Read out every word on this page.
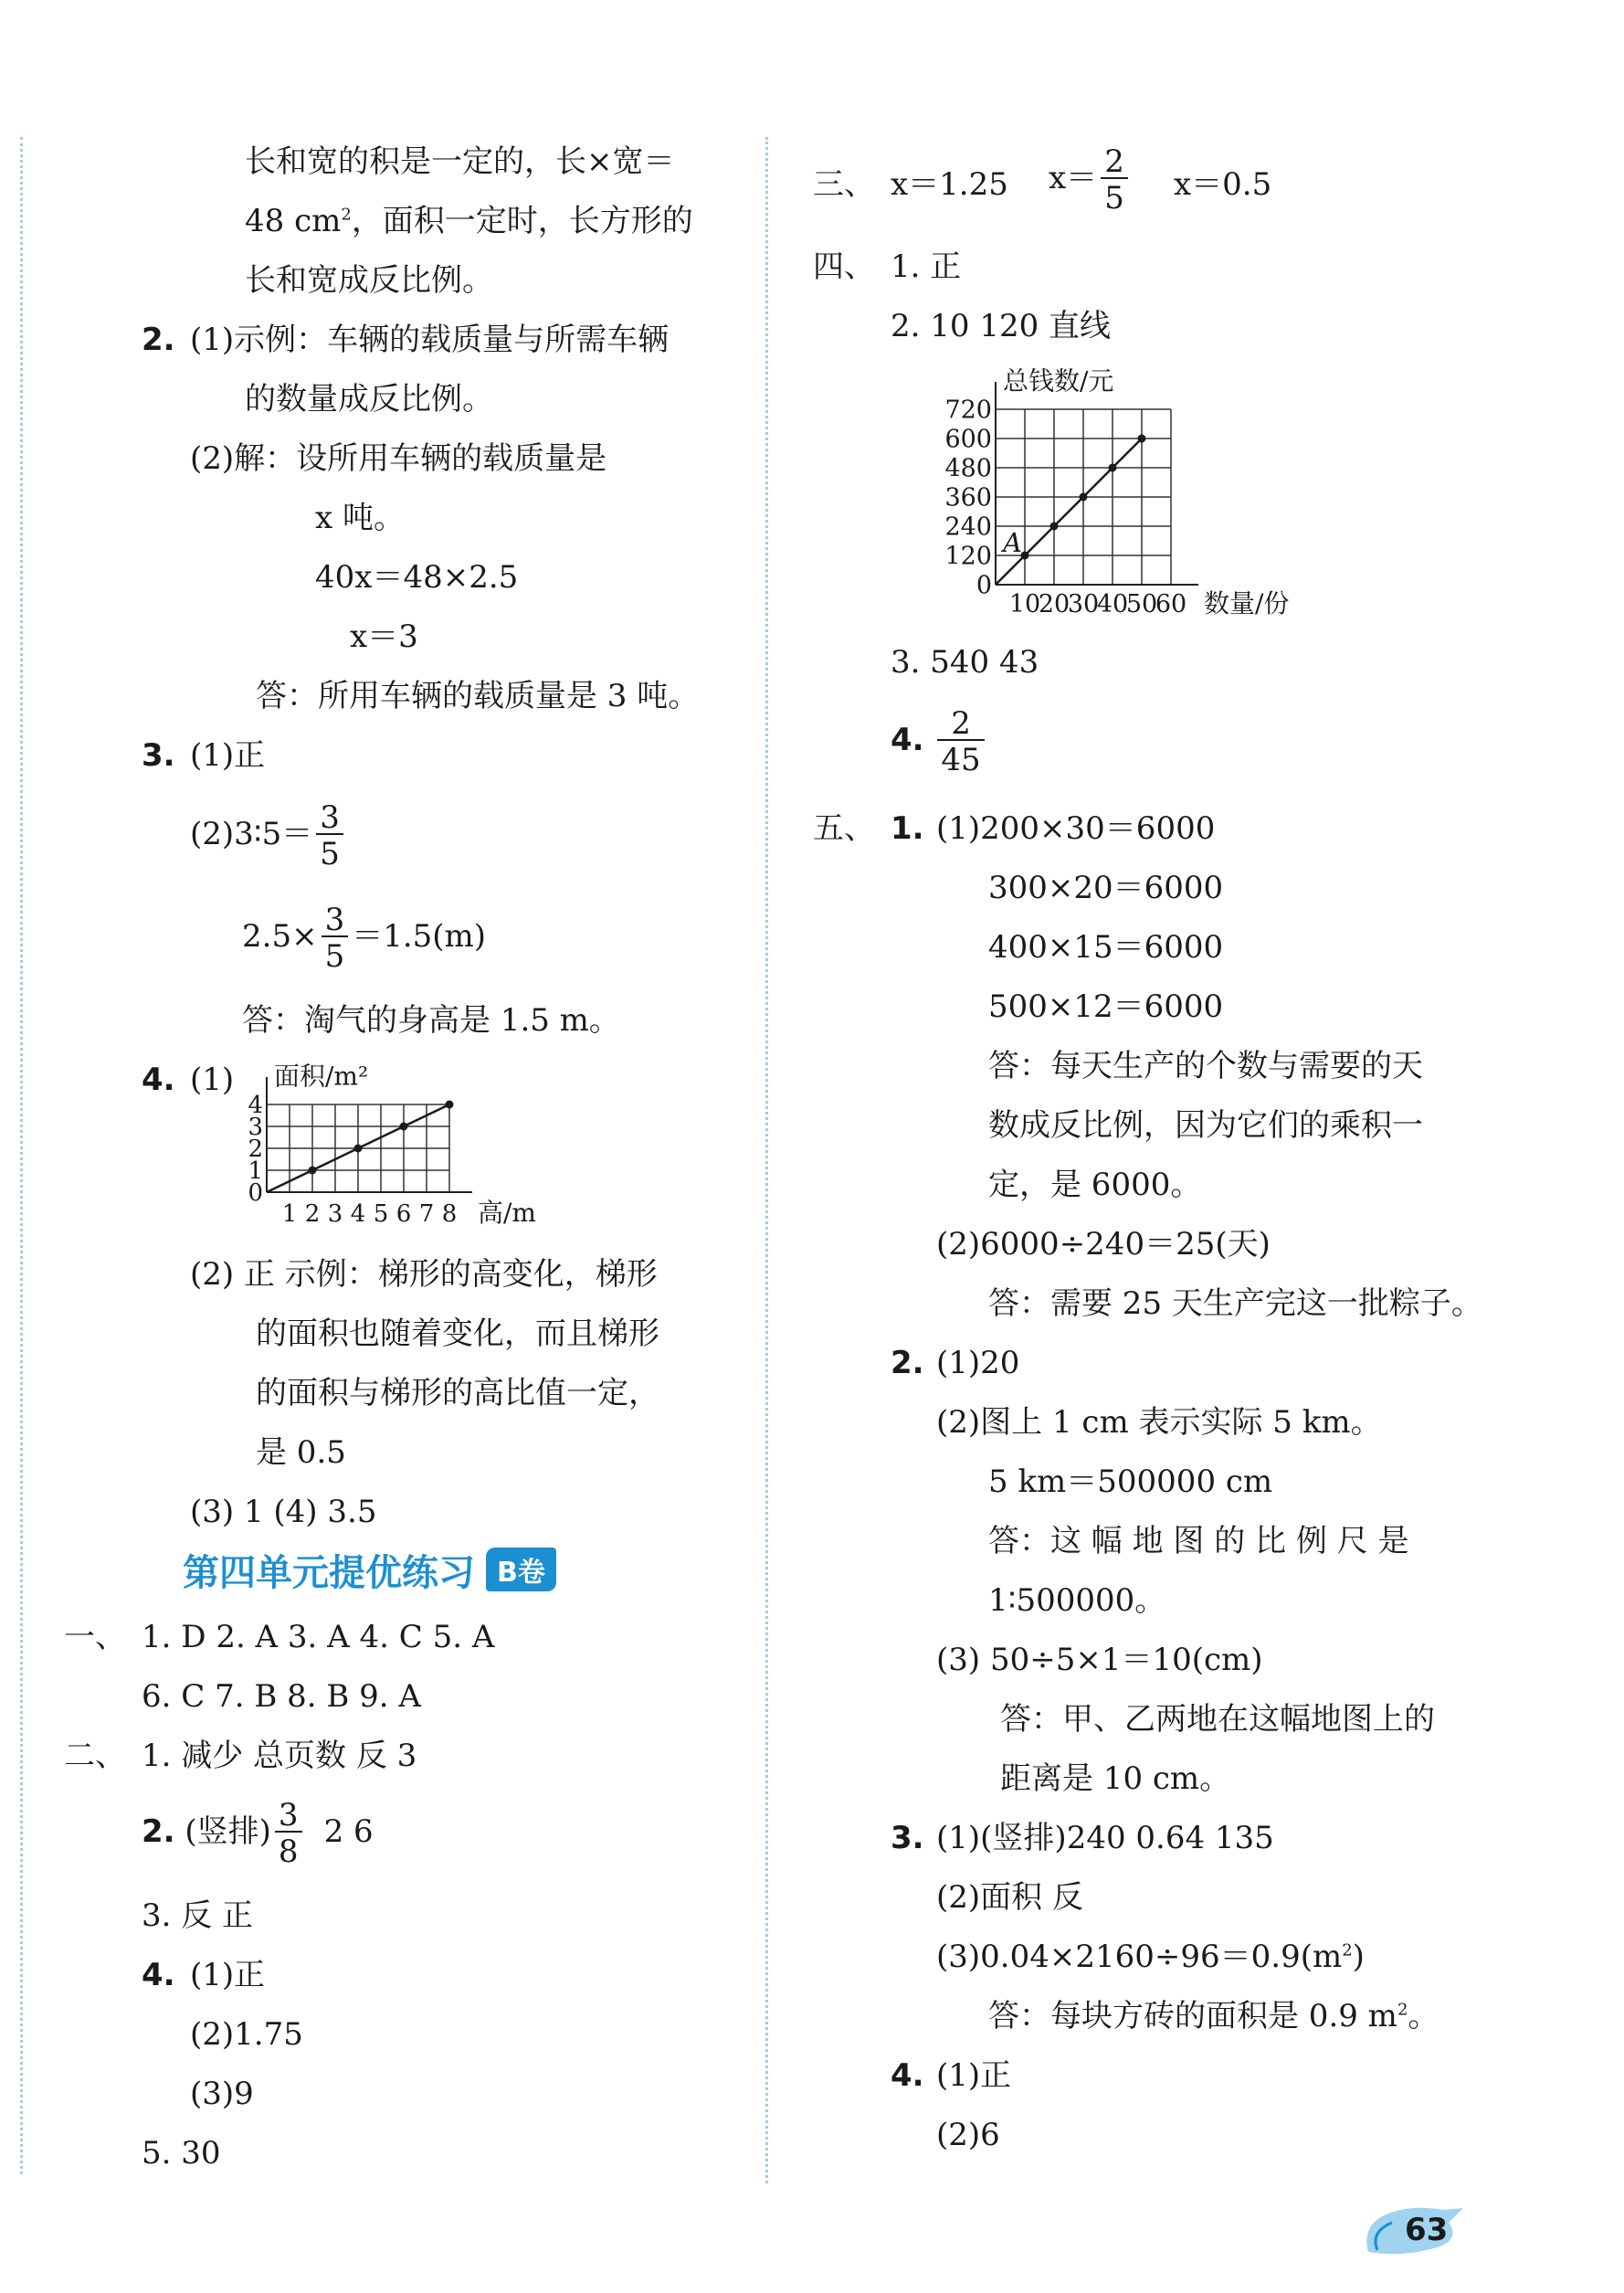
长和宽的积是一定的，长×宽＝
48 $cm^2$，面积一定时，长方形的
长和宽成反比例。
2. (1)示例：车辆的载质量与所需车辆
的数量成反比例。
(2)解：设所用车辆的载质量是
x 吨。
40x＝48×2.5
x＝3
答：所用车辆的载质量是 3 吨。
3. (1)正
(2)3∶5＝ $\frac{3}{5}$
$2.5\times \frac{3}{5} =1.5(m)$
答：淘气的身高是 1.5 m。
4. (1)
1 2 3 4 5 6 7 8
0
1
2
3
4
高/m
面积/m²
(2) 正 示例：梯形的高变化，梯形
的面积也随着变化，而且梯形
的面积与梯形的高比值一定，
是 0.5
(3) 1 (4) 3.5
第四单元提优练习 B卷
一、 1. D 2. A 3. A 4. C 5. A
6. C 7. B 8. B 9. A
二、 1. 减少 总页数 反 3
2. (竖排) $\frac{3}{8} 2$ 6
3. 反 正
4. (1)正
(2)1.75
(3)9
5. 30
三、 x＝1.25 $x= \frac{2}{5} x=0.5$
四、 1. 正
2. 10 120 直线
10
20
30
40
50
60
0
120
240
360
480
600
720
数量/份
总钱数/元
A
3. 540 43
4. $\frac{2}{45}$
五、 1. (1)200×30＝6000
300×20＝6000
400×15＝6000
500×12＝6000
答：每天生产的个数与需要的天
数成反比例，因为它们的乘积一
定，是 6000。
(2)6000÷240＝25(天)
答：需要 25 天生产完这一批粽子。
2. (1)20
(2)图上 1 cm 表示实际 5 km。
5 km＝500000 cm
答：这 幅 地 图 的 比 例 尺 是
1∶500000。
(3) 50÷5×1＝10(cm)
答：甲、乙两地在这幅地图上的
距离是 10 cm。
3. (1)(竖排)240 0.64 135
(2)面积 反
$(3)0.04\times 2160\div 96=0.9(m^2)$
答：每块方砖的面积是 0.9 $m^2$。
4. (1)正
(2)6
63
